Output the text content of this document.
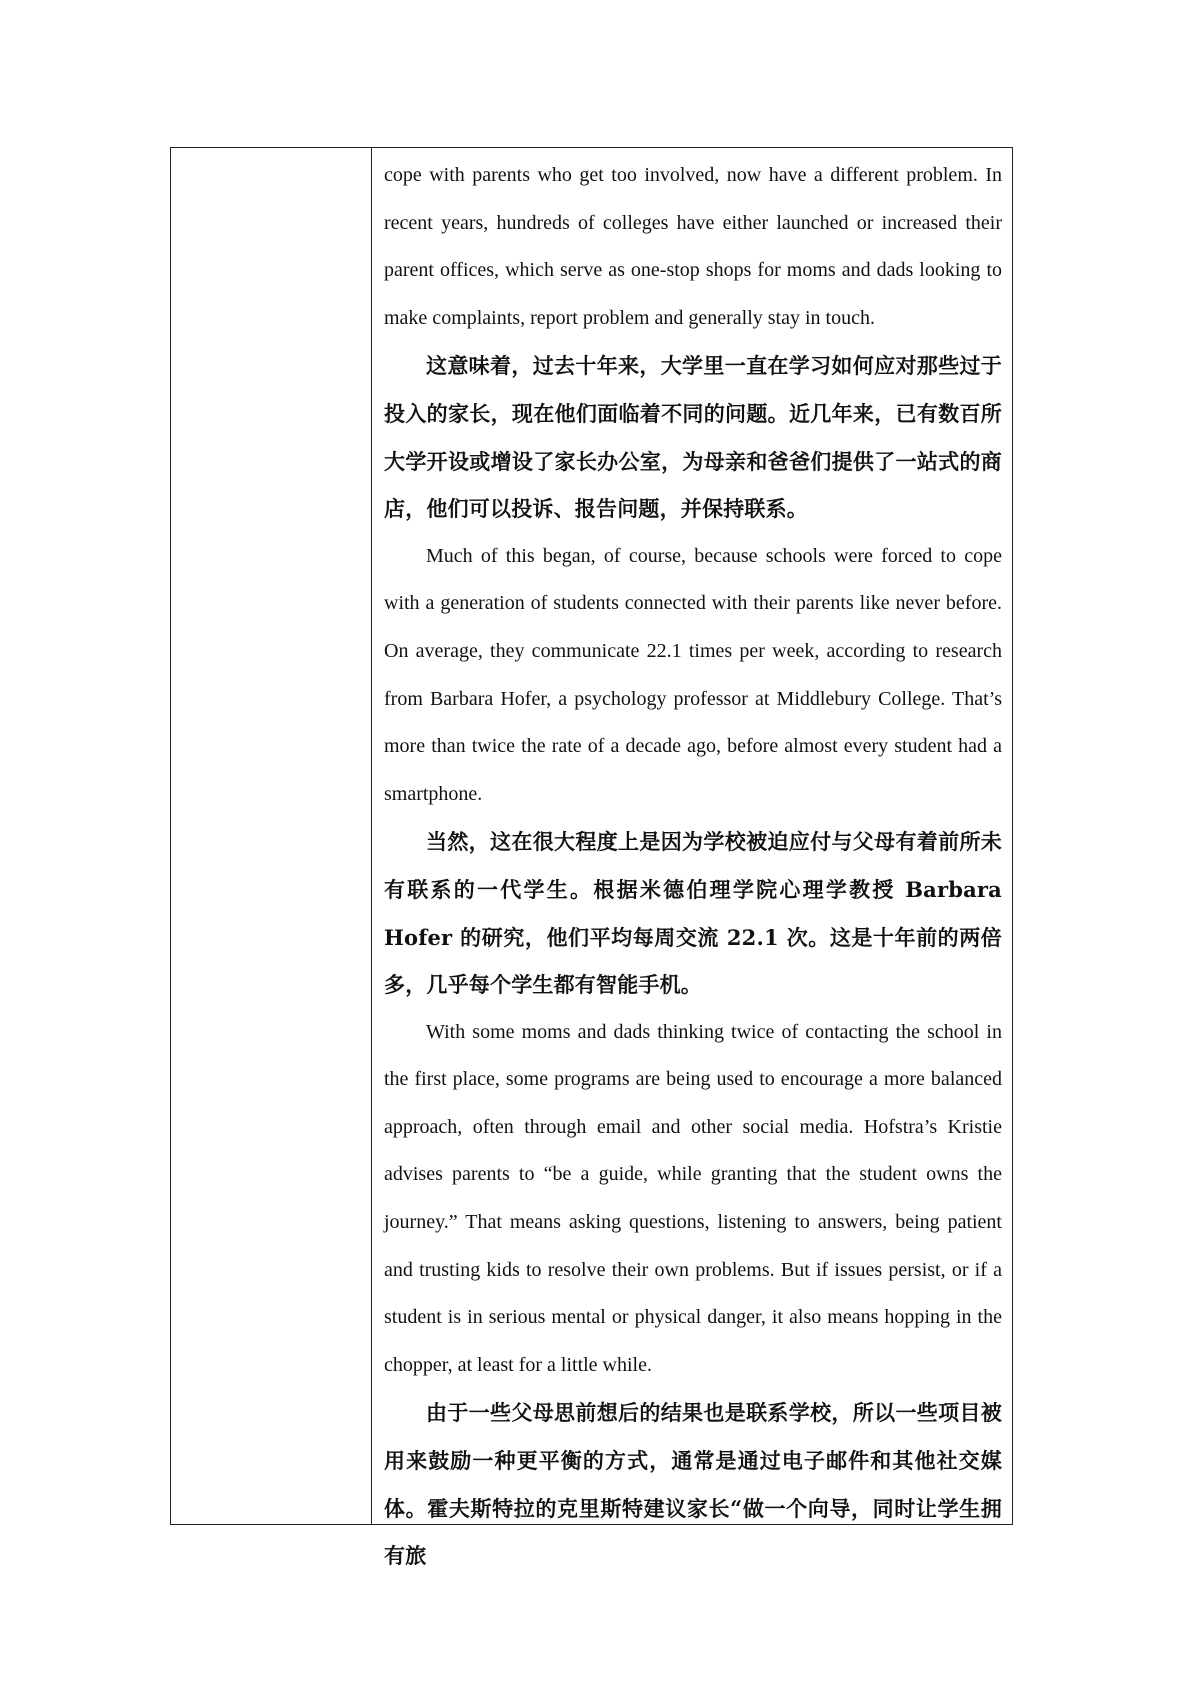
cope with parents who get too involved, now have a different problem. In recent years, hundreds of colleges have either launched or increased their parent offices, which serve as one-stop shops for moms and dads looking to make complaints, report problem and generally stay in touch.

这意味着，过去十年来，大学里一直在学习如何应对那些过于投入的家长，现在他们面临着不同的问题。近几年来，已有数百所大学开设或增设了家长办公室，为母亲和爸爸们提供了一站式的商店，他们可以投诉、报告问题，并保持联系。

Much of this began, of course, because schools were forced to cope with a generation of students connected with their parents like never before. On average, they communicate 22.1 times per week, according to research from Barbara Hofer, a psychology professor at Middlebury College. That’s more than twice the rate of a decade ago, before almost every student had a smartphone.

当然，这在很大程度上是因为学校被迫应付与父母有着前所未有联系的一代学生。根据米德伯理学院心理学教授 Barbara Hofer 的研究，他们平均每周交流 22.1 次。这是十年前的两倍多，几乎每个学生都有智能手机。

With some moms and dads thinking twice of contacting the school in the first place, some programs are being used to encourage a more balanced approach, often through email and other social media. Hofstra’s Kristie advises parents to “be a guide, while granting that the student owns the journey.” That means asking questions, listening to answers, being patient and trusting kids to resolve their own problems. But if issues persist, or if a student is in serious mental or physical danger, it also means hopping in the chopper, at least for a little while.

由于一些父母思前想后的结果也是联系学校，所以一些项目被用来鼓励一种更平衡的方式，通常是通过电子邮件和其他社交媒体。霍夫斯特拉的克里斯特建议家长“做一个向导，同时让学生拥有旅
